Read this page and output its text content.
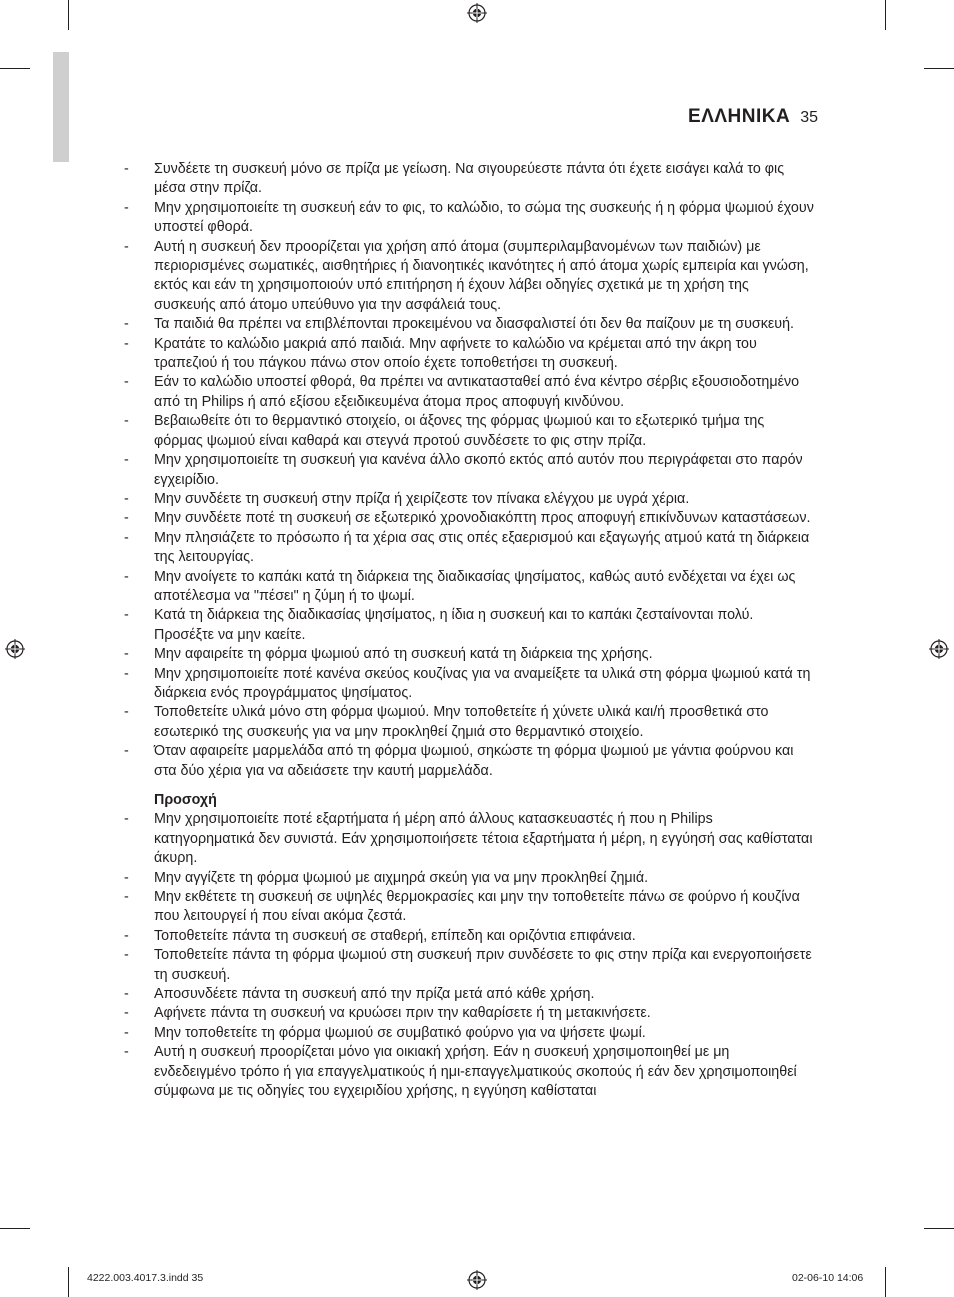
ΕΛΛΗΝΙΚΑ 35
- Συνδέετε τη συσκευή μόνο σε πρίζα με γείωση. Να σιγουρεύεστε πάντα ότι έχετε εισάγει καλά το φις μέσα στην πρίζα.
- Μην χρησιμοποιείτε τη συσκευή εάν το φις, το καλώδιο, το σώμα της συσκευής ή η φόρμα ψωμιού έχουν υποστεί φθορά.
- Αυτή η συσκευή δεν προορίζεται για χρήση από άτομα (συμπεριλαμβανομένων των παιδιών) με περιορισμένες σωματικές, αισθητήριες ή διανοητικές ικανότητες ή από άτομα χωρίς εμπειρία και γνώση, εκτός και εάν τη χρησιμοποιούν υπό επιτήρηση ή έχουν λάβει οδηγίες σχετικά με τη χρήση της συσκευής από άτομο υπεύθυνο για την ασφάλειά τους.
- Τα παιδιά θα πρέπει να επιβλέπονται προκειμένου να διασφαλιστεί ότι δεν θα παίζουν με τη συσκευή.
- Κρατάτε το καλώδιο μακριά από παιδιά. Μην αφήνετε το καλώδιο να κρέμεται από την άκρη του τραπεζιού ή του πάγκου πάνω στον οποίο έχετε τοποθετήσει τη συσκευή.
- Εάν το καλώδιο υποστεί φθορά, θα πρέπει να αντικατασταθεί από ένα κέντρο σέρβις εξουσιοδοτημένο από τη Philips ή από εξίσου εξειδικευμένα άτομα προς αποφυγή κινδύνου.
- Βεβαιωθείτε ότι το θερμαντικό στοιχείο, οι άξονες της φόρμας ψωμιού και το εξωτερικό τμήμα της φόρμας ψωμιού είναι καθαρά και στεγνά προτού συνδέσετε το φις στην πρίζα.
- Μην χρησιμοποιείτε τη συσκευή για κανένα άλλο σκοπό εκτός από αυτόν που περιγράφεται στο παρόν εγχειρίδιο.
- Μην συνδέετε τη συσκευή στην πρίζα ή χειρίζεστε τον πίνακα ελέγχου με υγρά χέρια.
- Μην συνδέετε ποτέ τη συσκευή σε εξωτερικό χρονοδιακόπτη προς αποφυγή επικίνδυνων καταστάσεων.
- Μην πλησιάζετε το πρόσωπο ή τα χέρια σας στις οπές εξαερισμού και εξαγωγής ατμού κατά τη διάρκεια της λειτουργίας.
- Μην ανοίγετε το καπάκι κατά τη διάρκεια της διαδικασίας ψησίματος, καθώς αυτό ενδέχεται να έχει ως αποτέλεσμα να "πέσει" η ζύμη ή το ψωμί.
- Κατά τη διάρκεια της διαδικασίας ψησίματος, η ίδια η συσκευή και το καπάκι ζεσταίνονται πολύ. Προσέξτε να μην καείτε.
- Μην αφαιρείτε τη φόρμα ψωμιού από τη συσκευή κατά τη διάρκεια της χρήσης.
- Μην χρησιμοποιείτε ποτέ κανένα σκεύος κουζίνας για να αναμείξετε τα υλικά στη φόρμα ψωμιού κατά τη διάρκεια ενός προγράμματος ψησίματος.
- Τοποθετείτε υλικά μόνο στη φόρμα ψωμιού. Μην τοποθετείτε ή χύνετε υλικά και/ή προσθετικά στο εσωτερικό της συσκευής για να μην προκληθεί ζημιά στο θερμαντικό στοιχείο.
- Όταν αφαιρείτε μαρμελάδα από τη φόρμα ψωμιού, σηκώστε τη φόρμα ψωμιού με γάντια φούρνου και στα δύο χέρια για να αδειάσετε την καυτή μαρμελάδα.

Προσοχή

- Μην χρησιμοποιείτε ποτέ εξαρτήματα ή μέρη από άλλους κατασκευαστές ή που η Philips κατηγορηματικά δεν συνιστά. Εάν χρησιμοποιήσετε τέτοια εξαρτήματα ή μέρη, η εγγύησή σας καθίσταται άκυρη.
- Μην αγγίζετε τη φόρμα ψωμιού με αιχμηρά σκεύη για να μην προκληθεί ζημιά.
- Μην εκθέτετε τη συσκευή σε υψηλές θερμοκρασίες και μην την τοποθετείτε πάνω σε φούρνο ή κουζίνα που λειτουργεί ή που είναι ακόμα ζεστά.
- Τοποθετείτε πάντα τη συσκευή σε σταθερή, επίπεδη και οριζόντια επιφάνεια.
- Τοποθετείτε πάντα τη φόρμα ψωμιού στη συσκευή πριν συνδέσετε το φις στην πρίζα και ενεργοποιήσετε τη συσκευή.
- Αποσυνδέετε πάντα τη συσκευή από την πρίζα μετά από κάθε χρήση.
- Αφήνετε πάντα τη συσκευή να κρυώσει πριν την καθαρίσετε ή τη μετακινήσετε.
- Μην τοποθετείτε τη φόρμα ψωμιού σε συμβατικό φούρνο για να ψήσετε ψωμί.
- Αυτή η συσκευή προορίζεται μόνο για οικιακή χρήση. Εάν η συσκευή χρησιμοποιηθεί με μη ενδεδειγμένο τρόπο ή για επαγγελματικούς ή ημι-επαγγελματικούς σκοπούς ή εάν δεν χρησιμοποιηθεί σύμφωνα με τις οδηγίες του εγχειριδίου χρήσης, η εγγύηση καθίσταται
4222.003.4017.3.indd 35	02-06-10 14:06
